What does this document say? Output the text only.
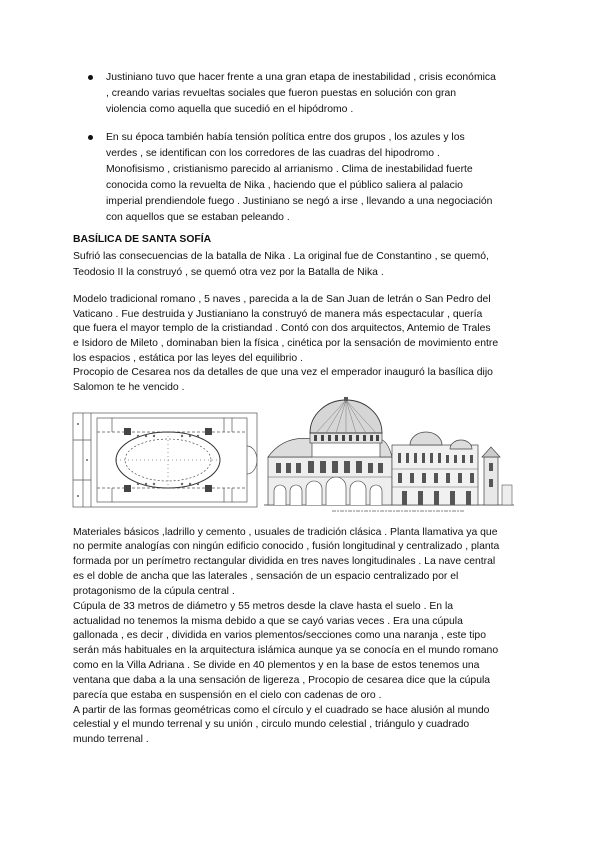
Justiniano tuvo que hacer frente a una gran etapa de inestabilidad , crisis económica
, creando varias revueltas sociales que fueron puestas en solución con gran
violencia como aquella que sucedió en el hipódromo .
En su época también había tensión política entre dos grupos , los azules y los
verdes , se identifican con los corredores de las cuadras del hipodromo .
Monofisismo , cristianismo parecido al arrianismo . Clima de inestabilidad fuerte
conocida como la revuelta de Nika , haciendo que el público saliera al palacio
imperial prendiendole fuego . Justiniano se negó a irse , llevando a una negociación
con aquellos que se estaban peleando .
BASÍLICA DE SANTA SOFÍA
Sufrió las consecuencias de la batalla de Nika . La original fue de Constantino , se quemó,
Teodosio II la construyó , se quemó otra vez por la Batalla de Nika .
Modelo tradicional romano , 5 naves , parecida a la de San Juan de letrán o San Pedro del
Vaticano . Fue destruida y Justianiano la construyó de manera más espectacular , quería
que fuera el mayor templo de la cristiandad . Contó con dos arquitectos, Antemio de Trales
e Isidoro de Mileto , dominaban bien la física , cinética por la sensación de movimiento entre
los espacios , estática por las leyes del equilibrio .
Procopio de Cesarea nos da detalles de que una vez el emperador inauguró la basílica dijo
Salomon te he vencido .
Materiales básicos ,ladrillo y cemento , usuales de tradición clásica . Planta llamativa ya que
no permite analogías con ningún edificio conocido , fusión longitudinal y centralizado , planta
formada por un perímetro rectangular dividida en tres naves longitudinales . La nave central
es el doble de ancha que las laterales , sensación de un espacio centralizado por el
protagonismo de la cúpula central .
Cúpula de 33 metros de diámetro y 55 metros desde la clave hasta el suelo . En la
actualidad no tenemos la misma debido a que se cayó varias veces . Era una cúpula
gallonada , es decir , dividida en varios plementos/secciones como una naranja , este tipo
serán más habituales en la arquitectura islámica aunque ya se conocía en el mundo romano
como en la Villa Adriana . Se divide en 40 plementos y en la base de estos tenemos una
ventana que daba a la una sensación de ligereza , Procopio de cesarea dice que la cúpula
parecía que estaba en suspensión en el cielo con cadenas de oro .
A partir de las formas geométricas como el círculo y el cuadrado se hace alusión al mundo
celestial y el mundo terrenal y su unión , circulo mundo celestial , triángulo y cuadrado
mundo terrenal .
